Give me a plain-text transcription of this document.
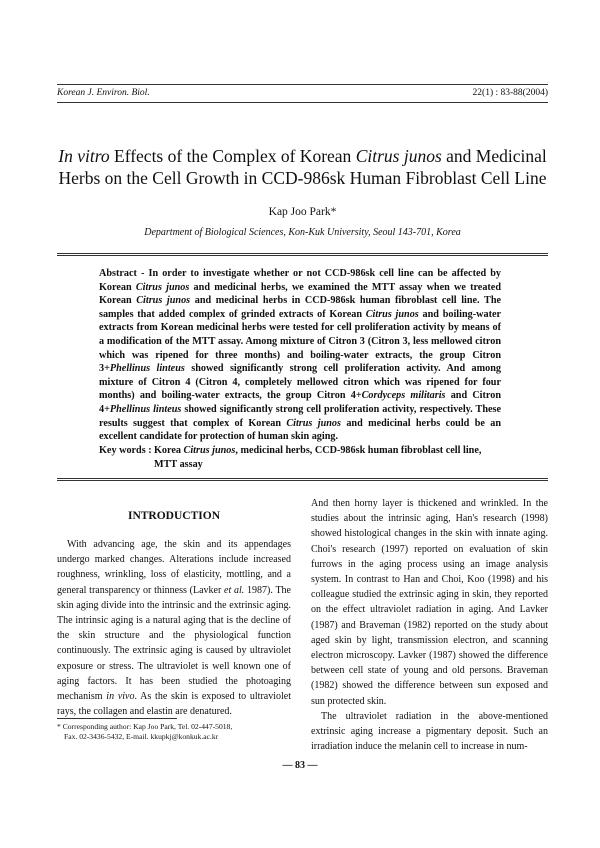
Korean J. Environ. Biol.	22(1) : 83-88(2004)
In vitro Effects of the Complex of Korean Citrus junos and Medicinal Herbs on the Cell Growth in CCD-986sk Human Fibroblast Cell Line
Kap Joo Park*
Department of Biological Sciences, Kon-Kuk University, Seoul 143-701, Korea
Abstract - In order to investigate whether or not CCD-986sk cell line can be affected by Korean Citrus junos and medicinal herbs, we examined the MTT assay when we treated Korean Citrus junos and medicinal herbs in CCD-986sk human fibroblast cell line. The samples that added complex of grinded extracts of Korean Citrus junos and boiling-water extracts from Korean medicinal herbs were tested for cell proliferation activity by means of a modification of the MTT assay. Among mixture of Citron 3 (Citron 3, less mellowed citron which was ripened for three months) and boiling-water extracts, the group Citron 3+Phellinus linteus showed significantly strong cell proliferation activity. And among mixture of Citron 4 (Citron 4, completely mellowed citron which was ripened for four months) and boiling-water extracts, the group Citron 4+Cordyceps militaris and Citron 4+Phellinus linteus showed significantly strong cell proliferation activity, respectively. These results suggest that complex of Korean Citrus junos and medicinal herbs could be an excellent candidate for protection of human skin aging.
Key words : Korea Citrus junos, medicinal herbs, CCD-986sk human fibroblast cell line, MTT assay
INTRODUCTION

With advancing age, the skin and its appendages undergo marked changes. Alterations include increased roughness, wrinkling, loss of elasticity, mottling, and a general transparency or thinness (Lavker et al. 1987). The skin aging divide into the intrinsic and the extrinsic aging. The intrinsic aging is a natural aging that is the decline of the skin structure and the physiological function continuously. The extrinsic aging is caused by ultraviolet exposure or stress. The ultraviolet is well known one of aging factors. It has been studied the photoaging mechanism in vivo. As the skin is exposed to ultraviolet rays, the collagen and elastin are denatured.

And then horny layer is thickened and wrinkled. In the studies about the intrinsic aging, Han's research (1998) showed histological changes in the skin with innate aging. Choi's research (1997) reported on evaluation of skin furrows in the aging process using an image analysis system. In contrast to Han and Choi, Koo (1998) and his colleague studied the extrinsic aging in skin, they reported on the effect ultraviolet radiation in aging. And Lavker (1987) and Braveman (1982) reported on the study about aged skin by light, transmission electron, and scanning electron microscopy. Lavker (1987) showed the difference between cell state of young and old persons. Braveman (1982) showed the difference between sun exposed and sun protected skin.

The ultraviolet radiation in the above-mentioned extrinsic aging increase a pigmentary deposit. Such an irradiation induce the melanin cell to increase in num-

* Corresponding author: Kap Joo Park, Tel. 02-447-5018,
Fax. 02-3436-5432, E-mail. kkupkj@konkuk.ac.kr
— 83 —
